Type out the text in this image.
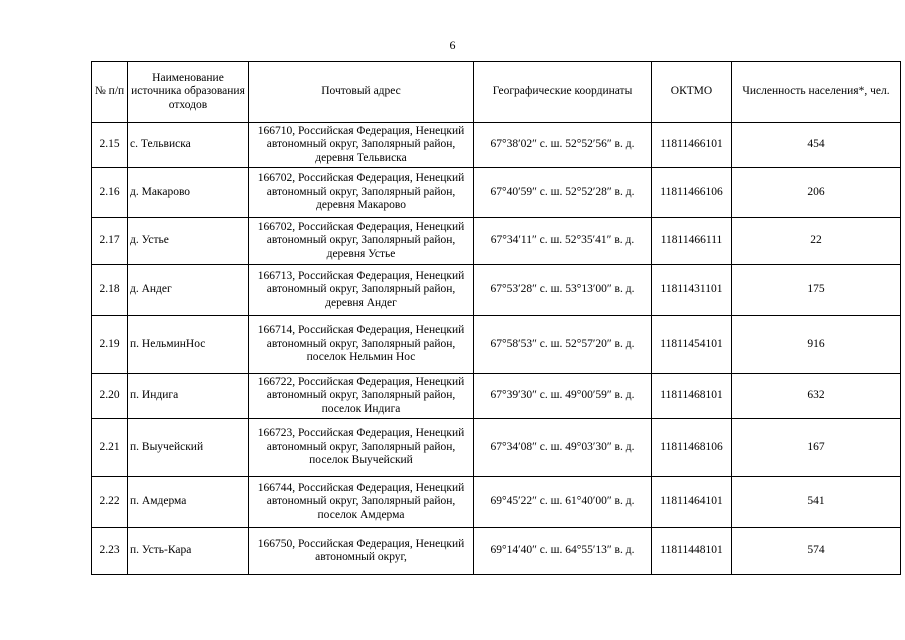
6
№ п/п	Наименование источника образования отходов	Почтовый адрес	Географические координаты	ОКТМО	Численность населения*, чел.
2.15	с. Тельвиска	166710, Российская Федерация, Ненецкий автономный округ, Заполярный район, деревня Тельвиска	67°38′02″ с. ш. 52°52′56″ в. д.	11811466101	454
2.16	д. Макарово	166702, Российская Федерация, Ненецкий автономный округ, Заполярный район, деревня Макарово	67°40′59″ с. ш. 52°52′28″ в. д.	11811466106	206
2.17	д. Устье	166702, Российская Федерация, Ненецкий автономный округ, Заполярный район, деревня Устье	67°34′11″ с. ш. 52°35′41″ в. д.	11811466111	22
2.18	д. Андег	166713, Российская Федерация, Ненецкий автономный округ, Заполярный район, деревня Андег	67°53′28″ с. ш. 53°13′00″ в. д.	11811431101	175
2.19	п. НельминНос	166714, Российская Федерация, Ненецкий автономный округ, Заполярный район, поселок Нельмин Нос	67°58′53″ с. ш. 52°57′20″ в. д.	11811454101	916
2.20	п. Индига	166722, Российская Федерация, Ненецкий автономный округ, Заполярный район, поселок Индига	67°39′30″ с. ш. 49°00′59″ в. д.	11811468101	632
2.21	п. Выучейский	166723, Российская Федерация, Ненецкий автономный округ, Заполярный район, поселок Выучейский	67°34′08″ с. ш. 49°03′30″ в. д.	11811468106	167
2.22	п. Амдерма	166744, Российская Федерация, Ненецкий автономный округ, Заполярный район, поселок Амдерма	69°45′22″ с. ш. 61°40′00″ в. д.	11811464101	541
2.23	п. Усть-Кара	166750, Российская Федерация, Ненецкий автономный округ,	69°14′40″ с. ш. 64°55′13″ в. д.	11811448101	574
